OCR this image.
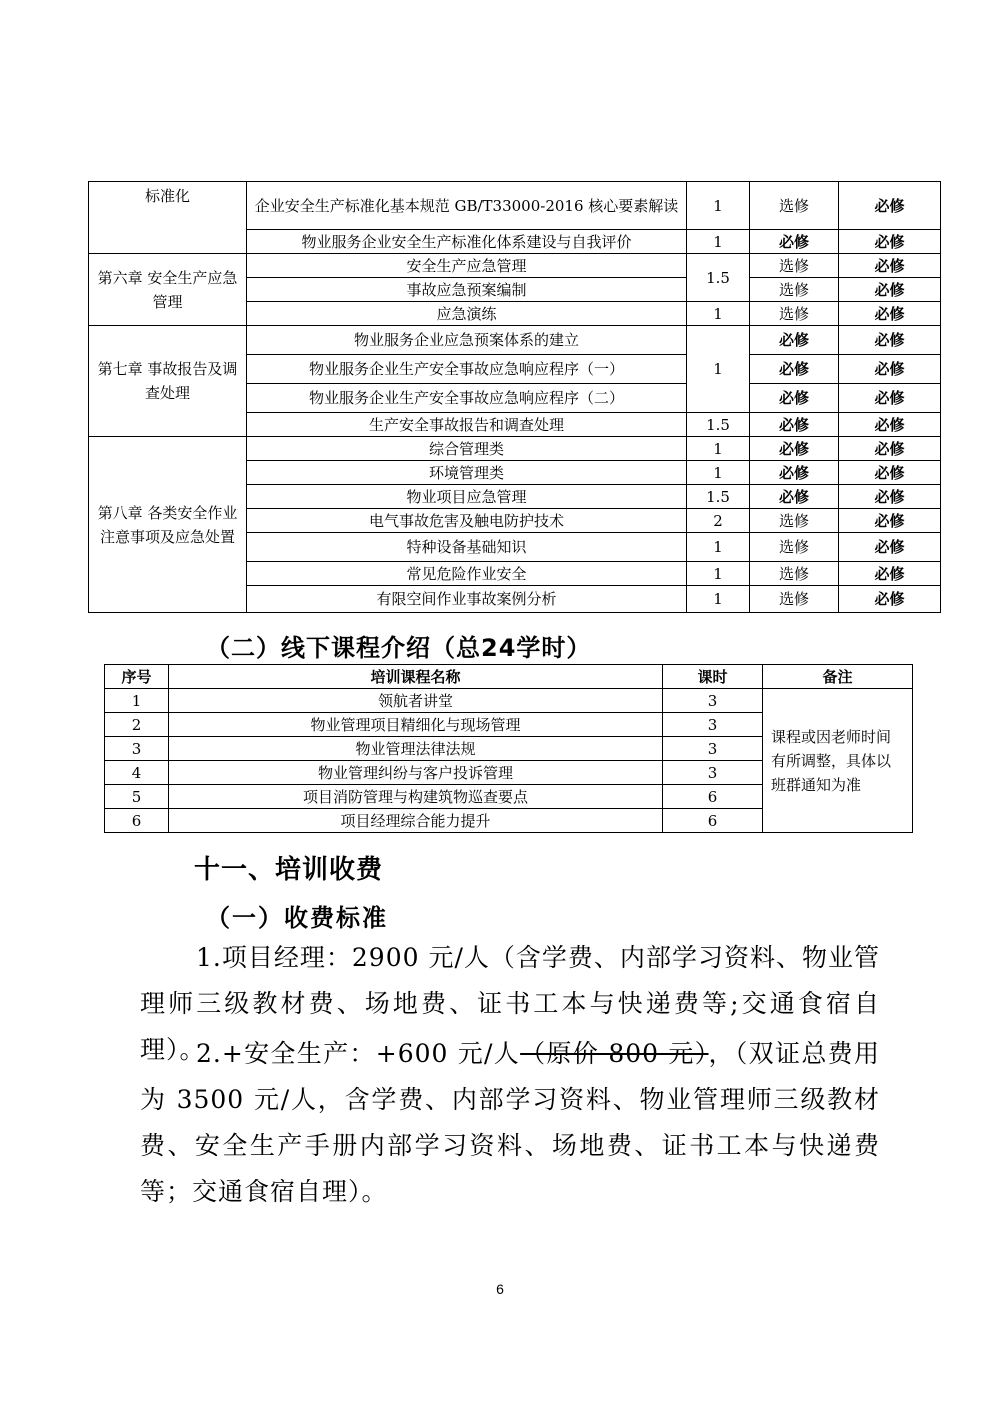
标准化	企业安全生产标准化基本规范 GB/T33000-2016 核心要素解读	1	选修	必修
	物业服务企业安全生产标准化体系建设与自我评价	1	必修	必修
第六章 安全生产应急管理	安全生产应急管理	1.5	选修	必修
	事故应急预案编制		选修	必修
	应急演练	1	选修	必修
第七章 事故报告及调查处理	物业服务企业应急预案体系的建立	1	必修	必修
	物业服务企业生产安全事故应急响应程序（一）		必修	必修
	物业服务企业生产安全事故应急响应程序（二）		必修	必修
	生产安全事故报告和调查处理	1.5	必修	必修
第八章 各类安全作业注意事项及应急处置	综合管理类	1	必修	必修
	环境管理类	1	必修	必修
	物业项目应急管理	1.5	必修	必修
	电气事故危害及触电防护技术	2	选修	必修
	特种设备基础知识	1	选修	必修
	常见危险作业安全	1	选修	必修
	有限空间作业事故案例分析	1	选修	必修
（二）线下课程介绍（总24学时）
序号	培训课程名称	课时	备注
1	领航者讲堂	3	课程或因老师时间有所调整，具体以班群通知为准
2	物业管理项目精细化与现场管理	3	
3	物业管理法律法规	3	
4	物业管理纠纷与客户投诉管理	3	
5	项目消防管理与构建筑物巡查要点	6	
6	项目经理综合能力提升	6	
十一、培训收费
（一）收费标准
1.项目经理：2900 元/人（含学费、内部学习资料、物业管理师三级教材费、场地费、证书工本与快递费等;交通食宿自理）。
2.+安全生产：+600 元/人（原价 800 元），（双证总费用为 3500 元/人，含学费、内部学习资料、物业管理师三级教材费、安全生产手册内部学习资料、场地费、证书工本与快递费等；交通食宿自理）。
6
